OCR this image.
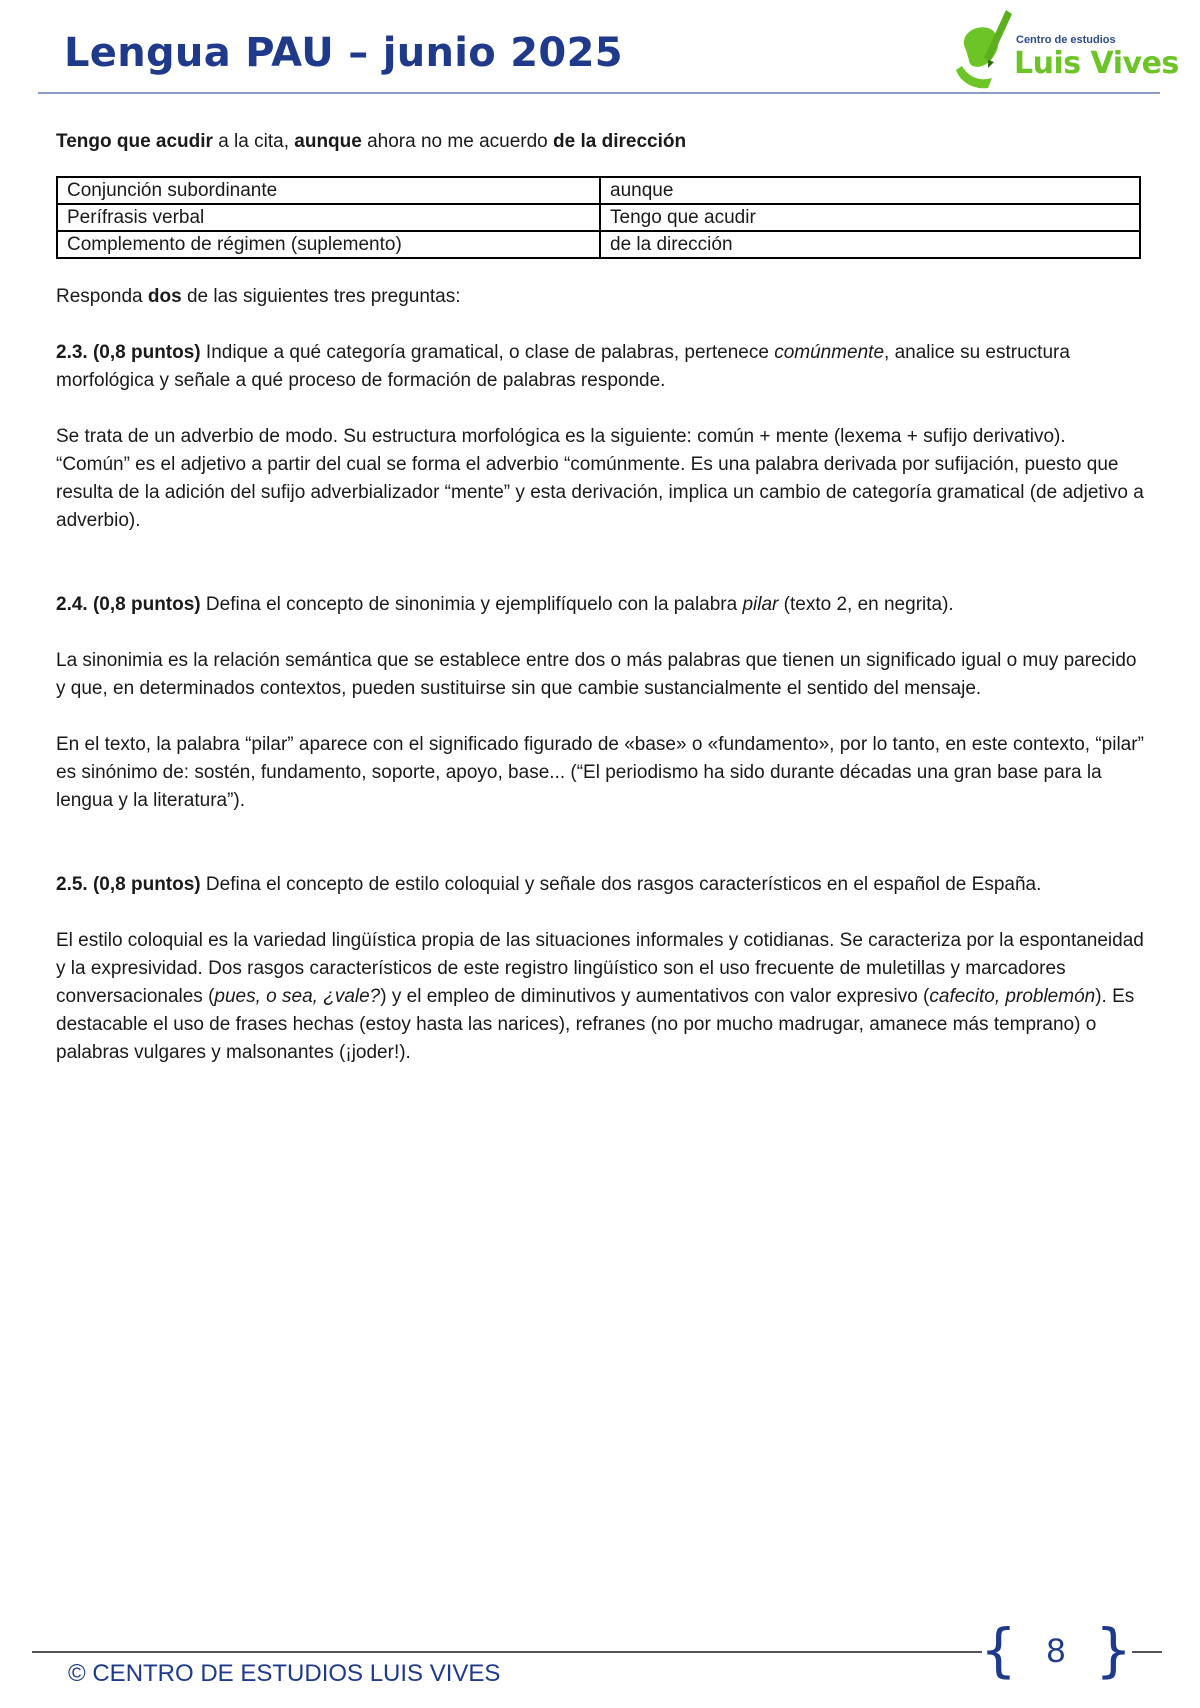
Lengua PAU – junio 2025	Centro de estudios
Luis Vives

Tengo que acudir a la cita, aunque ahora no me acuerdo de la dirección

Conjunción subordinante	aunque
Perífrasis verbal	Tengo que acudir
Complemento de régimen (suplemento)	de la dirección

Responda dos de las siguientes tres preguntas:

2.3. (0,8 puntos) Indique a qué categoría gramatical, o clase de palabras, pertenece comúnmente, analice su estructura morfológica y señale a qué proceso de formación de palabras responde.

Se trata de un adverbio de modo. Su estructura morfológica es la siguiente: común + mente (lexema + sufijo derivativo). “Común” es el adjetivo a partir del cual se forma el adverbio “comúnmente. Es una palabra derivada por sufijación, puesto que resulta de la adición del sufijo adverbializador “mente” y esta derivación, implica un cambio de categoría gramatical (de adjetivo a adverbio).

2.4. (0,8 puntos) Defina el concepto de sinonimia y ejemplifíquelo con la palabra pilar (texto 2, en negrita).

La sinonimia es la relación semántica que se establece entre dos o más palabras que tienen un significado igual o muy parecido y que, en determinados contextos, pueden sustituirse sin que cambie sustancialmente el sentido del mensaje.

En el texto, la palabra “pilar” aparece con el significado figurado de «base» o «fundamento», por lo tanto, en este contexto, “pilar” es sinónimo de: sostén, fundamento, soporte, apoyo, base... (“El periodismo ha sido durante décadas una gran base para la lengua y la literatura”).

2.5. (0,8 puntos) Defina el concepto de estilo coloquial y señale dos rasgos característicos en el español de España.

El estilo coloquial es la variedad lingüística propia de las situaciones informales y cotidianas. Se caracteriza por la espontaneidad y la expresividad. Dos rasgos característicos de este registro lingüístico son el uso frecuente de muletillas y marcadores conversacionales (pues, o sea, ¿vale?) y el empleo de diminutivos y aumentativos con valor expresivo (cafecito, problemón). Es destacable el uso de frases hechas (estoy hasta las narices), refranes (no por mucho madrugar, amanece más temprano) o palabras vulgares y malsonantes (¡joder!).

© CENTRO DE ESTUDIOS LUIS VIVES	{ 8 }
